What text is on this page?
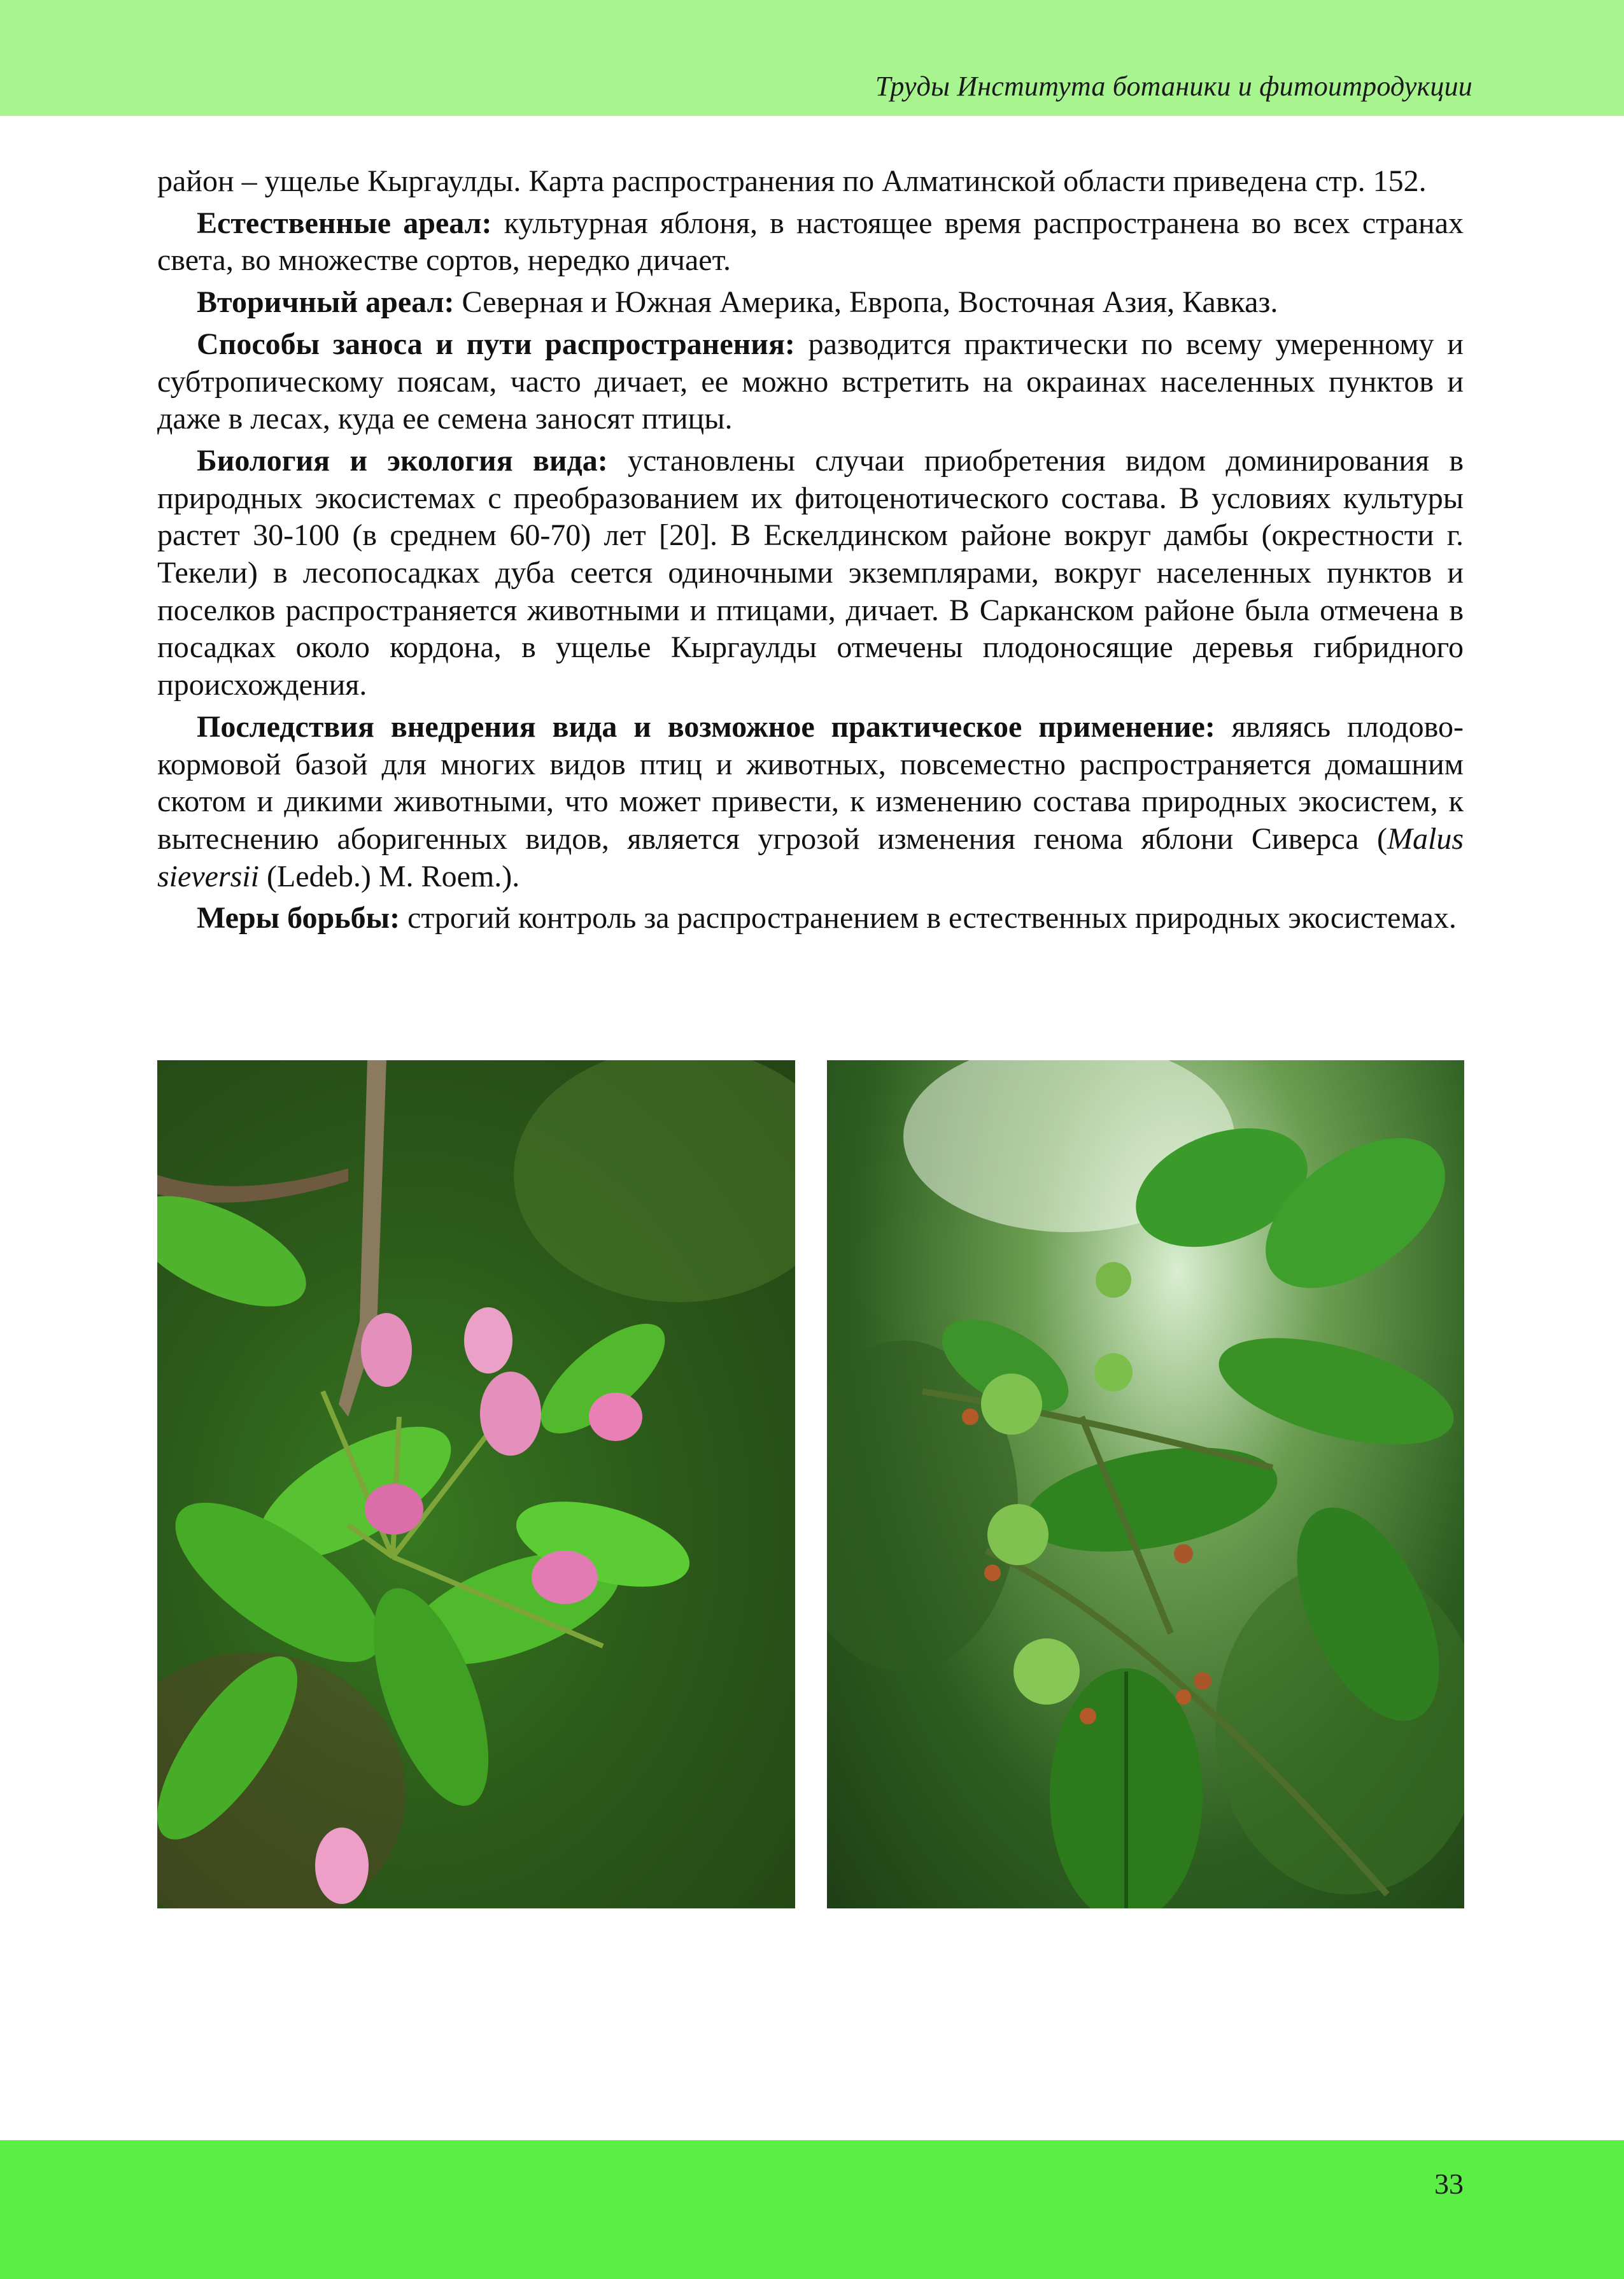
Труды Института ботаники и фитоитродукции

район – ущелье Кыргаулды. Карта распространения по Алматинской области приведена стр. 152.

Естественные ареал: культурная яблоня, в настоящее время распространена во всех странах света, во множестве сортов, нередко дичает.

Вторичный ареал: Северная и Южная Америка, Европа, Восточная Азия, Кавказ.

Способы заноса и пути распространения: разводится практически по всему умеренному и субтропическому поясам, часто дичает, ее можно встретить на окраинах населенных пунктов и даже в лесах, куда ее семена заносят птицы.

Биология и экология вида: установлены случаи приобретения видом доминирования в природных экосистемах с преобразованием их фитоценотического состава. В условиях культуры растет 30-100 (в среднем 60-70) лет [20]. В Ескелдинском районе вокруг дамбы (окрестности г. Текели) в лесопосадках дуба сеется одиночными экземплярами, вокруг населенных пунктов и поселков распространяется животными и птицами, дичает. В Сарканском районе была отмечена в посадках около кордона, в ущелье Кыргаулды отмечены плодоносящие деревья гибридного происхождения.

Последствия внедрения вида и возможное практическое применение: являясь плодово-кормовой базой для многих видов птиц и животных, повсеместно распространяется домашним скотом и дикими животными, что может привести, к изменению состава природных экосистем, к вытеснению аборигенных видов, является угрозой изменения генома яблони Сиверса (Malus sieversii (Ledeb.) M. Roem.).

Меры борьбы: строгий контроль за распространением в естественных природных экосистемах.

33
